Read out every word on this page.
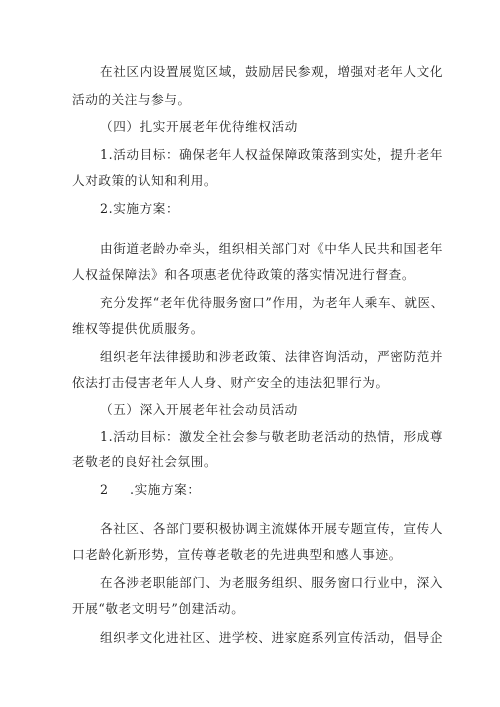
在社区内设置展览区域，鼓励居民参观，增强对老年人文化
活动的关注与参与。
（四）扎实开展老年优待维权活动
1.活动目标：确保老年人权益保障政策落到实处，提升老年
人对政策的认知和利用。
2.实施方案：
由街道老龄办牵头，组织相关部门对《中华人民共和国老年
人权益保障法》和各项惠老优待政策的落实情况进行督查。
充分发挥“老年优待服务窗口”作用，为老年人乘车、就医、
维权等提供优质服务。
组织老年法律援助和涉老政策、法律咨询活动，严密防范并
依法打击侵害老年人人身、财产安全的违法犯罪行为。
（五）深入开展老年社会动员活动
1.活动目标：激发全社会参与敬老助老活动的热情，形成尊
老敬老的良好社会氛围。
2 .实施方案：
各社区、各部门要积极协调主流媒体开展专题宣传，宣传人
口老龄化新形势，宣传尊老敬老的先进典型和感人事迹。
在各涉老职能部门、为老服务组织、服务窗口行业中，深入
开展“敬老文明号”创建活动。
组织孝文化进社区、进学校、进家庭系列宣传活动，倡导企
